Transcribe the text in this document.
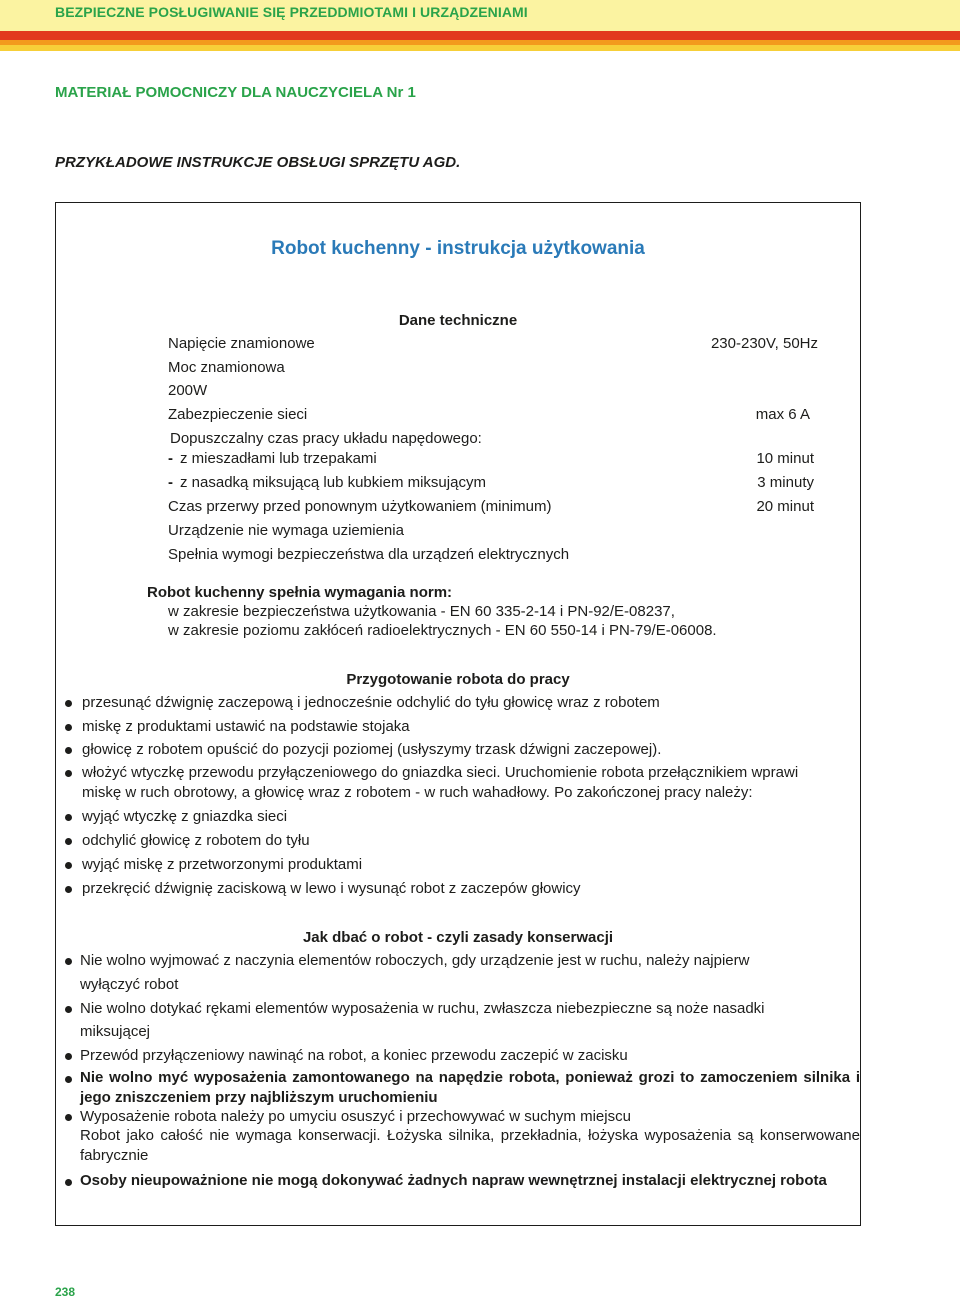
BEZPIECZNE POSŁUGIWANIE SIĘ PRZEDDMIOTAMI I URZĄDZENIAMI
MATERIAŁ POMOCNICZY DLA NAUCZYCIELA Nr 1
PRZYKŁADOWE INSTRUKCJE OBSŁUGI SPRZĘTU AGD.
Robot kuchenny - instrukcja użytkowania
Dane techniczne
Napięcie znamionowe	230-230V, 50Hz
Moc znamionowa
200W
Zabezpieczenie sieci	max 6 A
Dopuszczalny czas pracy układu napędowego:
- z mieszadłami lub trzepakami	10 minut
- z nasadką miksującą lub kubkiem miksującym	3 minuty
Czas przerwy przed ponownym użytkowaniem (minimum)	20 minut
Urządzenie nie wymaga uziemienia
Spełnia wymogi bezpieczeństwa dla urządzeń elektrycznych
Robot kuchenny spełnia wymagania norm:
w zakresie bezpieczeństwa użytkowania - EN 60 335-2-14 i PN-92/E-08237,
w zakresie poziomu zakłóceń radioelektrycznych - EN 60 550-14 i PN-79/E-06008.
Przygotowanie robota do pracy
przesunąć dźwignię zaczepową i jednocześnie odchylić do tyłu głowicę wraz z robotem
miskę z produktami ustawić na podstawie stojaka
głowicę z robotem opuścić do pozycji poziomej (usłyszymy trzask dźwigni zaczepowej).
włożyć wtyczkę przewodu przyłączeniowego do gniazdka sieci. Uruchomienie robota przełącznikiem wprawi
miskę w ruch obrotowy, a głowicę wraz z robotem - w ruch wahadłowy. Po zakończonej pracy należy:
wyjąć wtyczkę z gniazdka sieci
odchylić głowicę z robotem do tyłu
wyjąć miskę z przetworzonymi produktami
przekręcić dźwignię zaciskową w lewo i wysunąć robot z zaczepów głowicy
Jak dbać o robot - czyli zasady konserwacji
Nie wolno wyjmować z naczynia elementów roboczych, gdy urządzenie jest w ruchu, należy najpierw
wyłączyć robot
Nie wolno dotykać rękami elementów wyposażenia w ruchu, zwłaszcza niebezpieczne są noże nasadki
miksującej
Przewód przyłączeniowy nawinąć na robot, a koniec przewodu zaczepić w zacisku
Nie wolno myć wyposażenia zamontowanego na napędzie robota, ponieważ grozi to zamoczeniem silnika i jego zniszczeniem przy najbliższym uruchomieniu
Wyposażenie robota należy po umyciu osuszyć i przechowywać w suchym miejscu
Robot jako całość nie wymaga konserwacji. Łożyska silnika, przekładnia, łożyska wyposażenia są konserwowane fabrycznie
Osoby nieupoważnione nie mogą dokonywać żadnych napraw wewnętrznej instalacji elektrycznej robota
238
